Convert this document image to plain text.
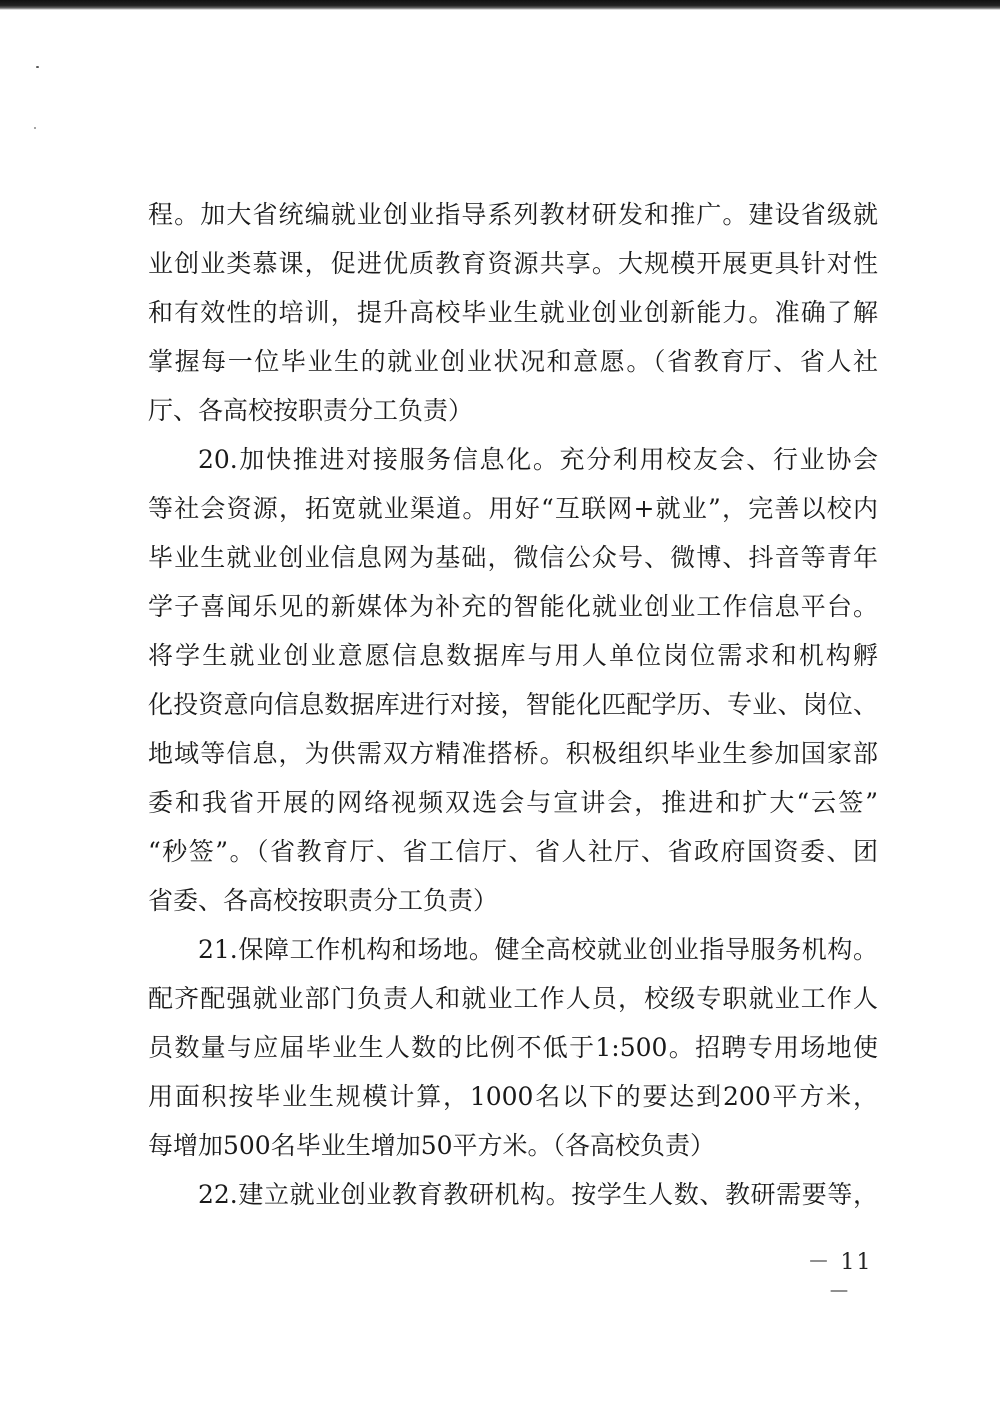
程。加大省统编就业创业指导系列教材研发和推广。建设省级就
业创业类慕课，促进优质教育资源共享。大规模开展更具针对性
和有效性的培训，提升高校毕业生就业创业创新能力。准确了解
掌握每一位毕业生的就业创业状况和意愿。（省教育厅、省人社
厅、各高校按职责分工负责）
20.加快推进对接服务信息化。充分利用校友会、行业协会
等社会资源，拓宽就业渠道。用好“互联网+就业”，完善以校内
毕业生就业创业信息网为基础，微信公众号、微博、抖音等青年
学子喜闻乐见的新媒体为补充的智能化就业创业工作信息平台。
将学生就业创业意愿信息数据库与用人单位岗位需求和机构孵
化投资意向信息数据库进行对接，智能化匹配学历、专业、岗位、
地域等信息，为供需双方精准搭桥。积极组织毕业生参加国家部
委和我省开展的网络视频双选会与宣讲会，推进和扩大“云签”
“秒签”。（省教育厅、省工信厅、省人社厅、省政府国资委、团
省委、各高校按职责分工负责）
21.保障工作机构和场地。健全高校就业创业指导服务机构。
配齐配强就业部门负责人和就业工作人员，校级专职就业工作人
员数量与应届毕业生人数的比例不低于1:500。招聘专用场地使
用面积按毕业生规模计算，1000名以下的要达到200平方米，
每增加500名毕业生增加50平方米。（各高校负责）
22.建立就业创业教育教研机构。按学生人数、教研需要等，
－ 11 －
